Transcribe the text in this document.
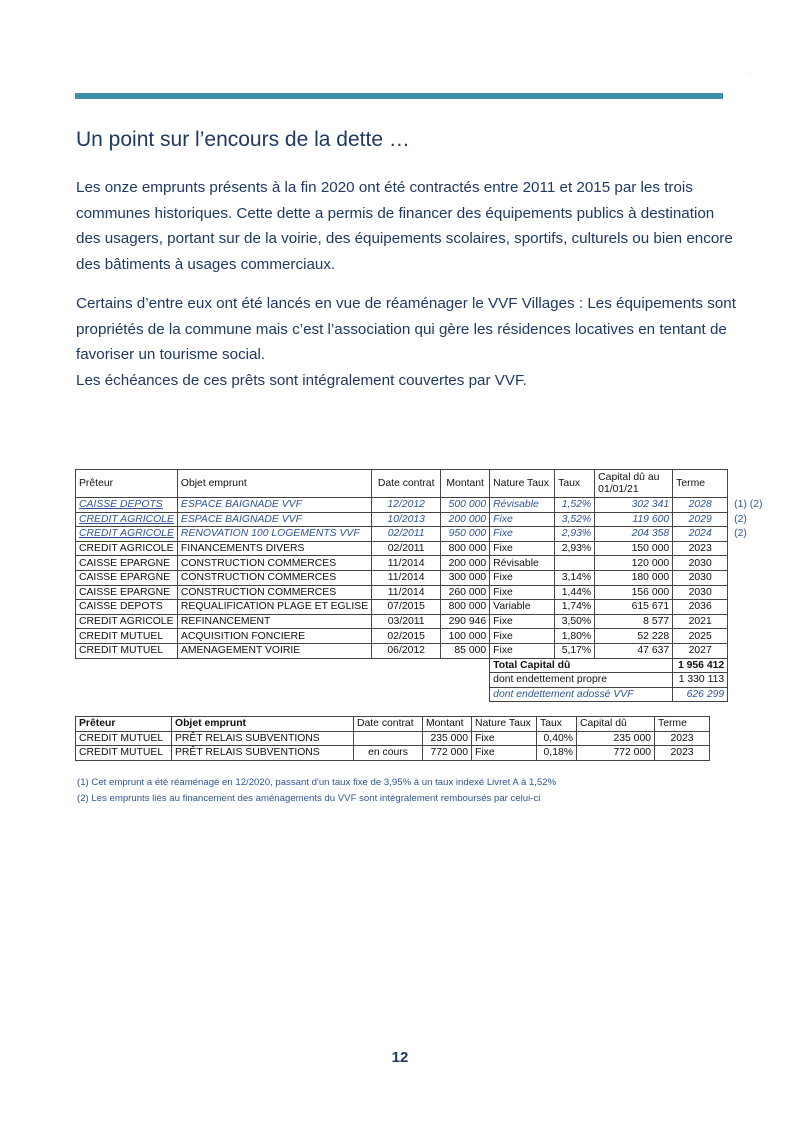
·
Un point sur l’encours de la dette …

Les onze emprunts présents à la fin 2020 ont été contractés entre 2011 et 2015 par les trois communes historiques. Cette dette a permis de financer des équipements publics à destination des usagers, portant sur de la voirie, des équipements scolaires, sportifs, culturels ou bien encore des bâtiments à usages commerciaux.

Certains d’entre eux ont été lancés en vue de réaménager le VVF Villages : Les équipements sont propriétés de la commune mais c’est l’association qui gère les résidences locatives en tentant de favoriser un tourisme social.
Les échéances de ces prêts sont intégralement couvertes par VVF.
Prêteur	Objet emprunt	Date contrat	Montant	Nature Taux	Taux	Capital dû au 01/01/21	Terme	
CAISSE DEPOTS	ESPACE BAIGNADE VVF	12/2012	500 000	Révisable	1,52%	302 341	2028	(1) (2)
CREDIT AGRICOLE	ESPACE BAIGNADE VVF	10/2013	200 000	Fixe	3,52%	119 600	2029	(2)
CREDIT AGRICOLE	RENOVATION 100 LOGEMENTS VVF	02/2011	950 000	Fixe	2,93%	204 358	2024	(2)
CREDIT AGRICOLE	FINANCEMENTS DIVERS	02/2011	800 000	Fixe	2,93%	150 000	2023	
CAISSE EPARGNE	CONSTRUCTION COMMERCES	11/2014	200 000	Révisable		120 000	2030	
CAISSE EPARGNE	CONSTRUCTION COMMERCES	11/2014	300 000	Fixe	3,14%	180 000	2030	
CAISSE EPARGNE	CONSTRUCTION COMMERCES	11/2014	260 000	Fixe	1,44%	156 000	2030	
CAISSE DEPOTS	REQUALIFICATION PLAGE ET EGLISE	07/2015	800 000	Variable	1,74%	615 671	2036	
CREDIT AGRICOLE	REFINANCEMENT	03/2011	290 946	Fixe	3,50%	8 577	2021	
CREDIT MUTUEL	ACQUISITION FONCIERE	02/2015	100 000	Fixe	1,80%	52 228	2025	
CREDIT MUTUEL	AMENAGEMENT VOIRIE	06/2012	85 000	Fixe	5,17%	47 637	2027	
				Total Capital dû			1 956 412	
				dont endettement propre			1 330 113	
				dont endettement adossé VVF			626 299	
Prêteur	Objet emprunt	Date contrat	Montant	Nature Taux	Taux	Capital dû	Terme
CREDIT MUTUEL	PRÊT RELAIS SUBVENTIONS		235 000	Fixe	0,40%	235 000	2023
CREDIT MUTUEL	PRÊT RELAIS SUBVENTIONS	en cours	772 000	Fixe	0,18%	772 000	2023
(1) Cet emprunt a été réaménagé en 12/2020, passant d'un taux fixe de 3,95% à un taux indexé Livret A à 1,52%
(2) Les emprunts liés au financement des aménagements du VVF sont intégralement remboursés par celui-ci
12
